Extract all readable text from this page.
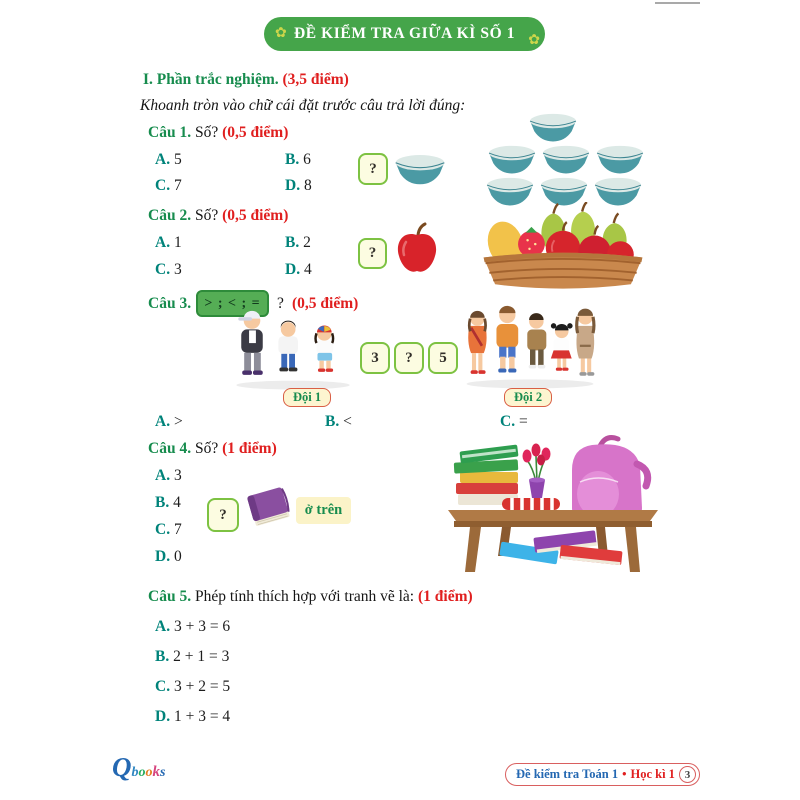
✿ ĐỀ KIỂM TRA GIỮA KÌ SỐ 1 ✿
I. Phần trắc nghiệm. (3,5 điểm)
Khoanh tròn vào chữ cái đặt trước câu trả lời đúng:
Câu 1. Số? (0,5 điểm)
A. 5	B. 6
C. 7	D. 8
?
Câu 2. Số? (0,5 điểm)
A. 1	B. 2
C. 3	D. 4
?
Câu 3. > ; < ; =	? (0,5 điểm)
3	?	5
Đội 1	Đội 2
A. >	B. <	C. =
Câu 4. Số? (1 điểm)
A. 3
B. 4
C. 7
D. 0
?	ở trên
Câu 5. Phép tính thích hợp với tranh vẽ là: (1 điểm)
A. 3 + 3 = 6
B. 2 + 1 = 3
C. 3 + 2 = 5
D. 1 + 3 = 4
Qbooks	Đề kiểm tra Toán 1 • Học kì 1 3
